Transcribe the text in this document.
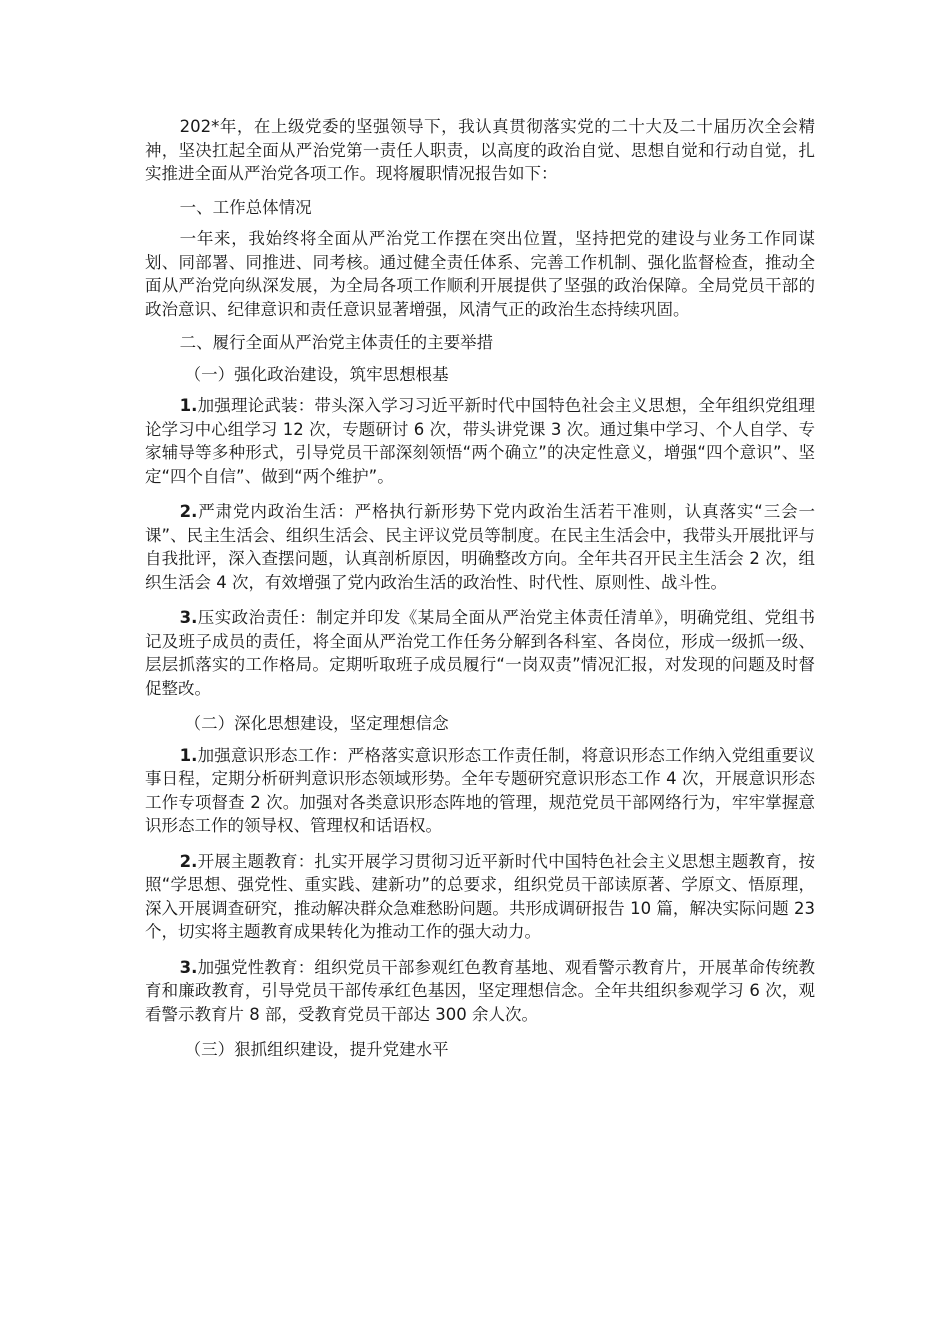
202*年，在上级党委的坚强领导下，我认真贯彻落实党的二十大及二十届历次全会精神，坚决扛起全面从严治党第一责任人职责，以高度的政治自觉、思想自觉和行动自觉，扎实推进全面从严治党各项工作。现将履职情况报告如下：

一、工作总体情况

一年来，我始终将全面从严治党工作摆在突出位置，坚持把党的建设与业务工作同谋划、同部署、同推进、同考核。通过健全责任体系、完善工作机制、强化监督检查，推动全面从严治党向纵深发展，为全局各项工作顺利开展提供了坚强的政治保障。全局党员干部的政治意识、纪律意识和责任意识显著增强，风清气正的政治生态持续巩固。

二、履行全面从严治党主体责任的主要举措

（一）强化政治建设，筑牢思想根基

1.加强理论武装：带头深入学习习近平新时代中国特色社会主义思想，全年组织党组理论学习中心组学习 12 次，专题研讨 6 次，带头讲党课 3 次。通过集中学习、个人自学、专家辅导等多种形式，引导党员干部深刻领悟“两个确立”的决定性意义，增强“四个意识”、坚定“四个自信”、做到“两个维护”。

2.严肃党内政治生活：严格执行新形势下党内政治生活若干准则，认真落实“三会一课”、民主生活会、组织生活会、民主评议党员等制度。在民主生活会中，我带头开展批评与自我批评，深入查摆问题，认真剖析原因，明确整改方向。全年共召开民主生活会 2 次，组织生活会 4 次，有效增强了党内政治生活的政治性、时代性、原则性、战斗性。

3.压实政治责任：制定并印发《某局全面从严治党主体责任清单》，明确党组、党组书记及班子成员的责任，将全面从严治党工作任务分解到各科室、各岗位，形成一级抓一级、层层抓落实的工作格局。定期听取班子成员履行“一岗双责”情况汇报，对发现的问题及时督促整改。

（二）深化思想建设，坚定理想信念

1.加强意识形态工作：严格落实意识形态工作责任制，将意识形态工作纳入党组重要议事日程，定期分析研判意识形态领域形势。全年专题研究意识形态工作 4 次，开展意识形态工作专项督查 2 次。加强对各类意识形态阵地的管理，规范党员干部网络行为，牢牢掌握意识形态工作的领导权、管理权和话语权。

2.开展主题教育：扎实开展学习贯彻习近平新时代中国特色社会主义思想主题教育，按照“学思想、强党性、重实践、建新功”的总要求，组织党员干部读原著、学原文、悟原理，深入开展调查研究，推动解决群众急难愁盼问题。共形成调研报告 10 篇，解决实际问题 23 个，切实将主题教育成果转化为推动工作的强大动力。

3.加强党性教育：组织党员干部参观红色教育基地、观看警示教育片，开展革命传统教育和廉政教育，引导党员干部传承红色基因，坚定理想信念。全年共组织参观学习 6 次，观看警示教育片 8 部，受教育党员干部达 300 余人次。

（三）狠抓组织建设，提升党建水平
